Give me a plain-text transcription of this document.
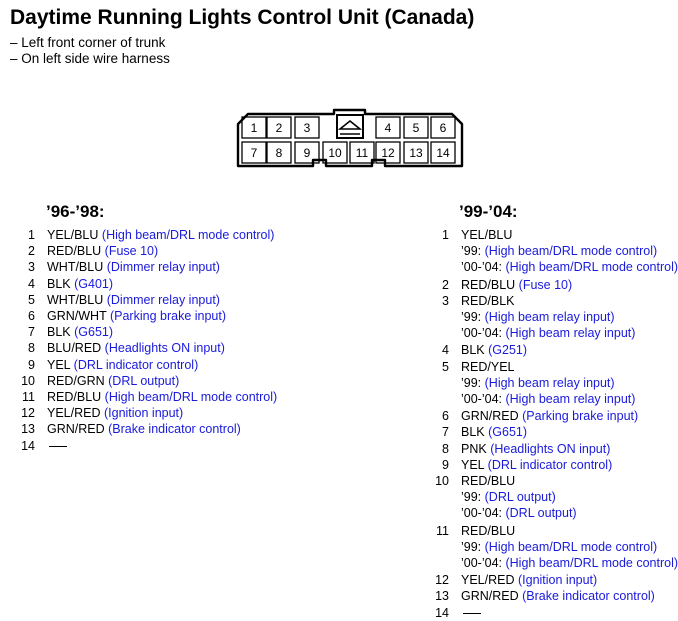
Daytime Running Lights Control Unit (Canada)
– Left front corner of trunk
– On left side wire harness
1 2 3	4 5 6
7 8 9 10 11 12 13 14
’96-’98:	’99-’04:
1 YEL/BLU (High beam/DRL mode control)
2 RED/BLU (Fuse 10)
3 WHT/BLU (Dimmer relay input)
4 BLK (G401)
5 WHT/BLU (Dimmer relay input)
6 GRN/WHT (Parking brake input)
7 BLK (G651)
8 BLU/RED (Headlights ON input)
9 YEL (DRL indicator control)
10 RED/GRN (DRL output)
11 RED/BLU (High beam/DRL mode control)
12 YEL/RED (Ignition input)
13 GRN/RED (Brake indicator control)
14
1 YEL/BLU
’99: (High beam/DRL mode control)
’00-’04: (High beam/DRL mode control)
2 RED/BLU (Fuse 10)
3 RED/BLK
’99: (High beam relay input)
’00-’04: (High beam relay input)
4 BLK (G251)
5 RED/YEL
’99: (High beam relay input)
’00-’04: (High beam relay input)
6 GRN/RED (Parking brake input)
7 BLK (G651)
8 PNK (Headlights ON input)
9 YEL (DRL indicator control)
10 RED/BLU
’99: (DRL output)
’00-’04: (DRL output)
11 RED/BLU
’99: (High beam/DRL mode control)
’00-’04: (High beam/DRL mode control)
12 YEL/RED (Ignition input)
13 GRN/RED (Brake indicator control)
14
